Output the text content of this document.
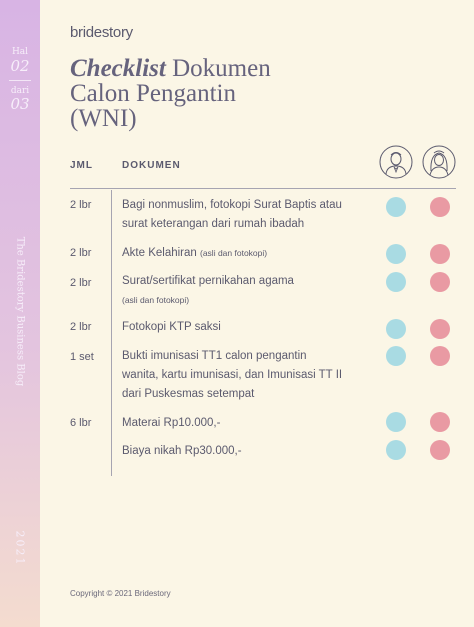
Hal
02
dari
03
The Bridestory Business Blog
2021
bridestory
Checklist Dokumen
Calon Pengantin
(WNI)
JML	DOKUMEN
2 lbr	Bagi nonmuslim, fotokopi Surat Baptis atau
surat keterangan dari rumah ibadah
2 lbr	Akte Kelahiran (asli dan fotokopi)
2 lbr	Surat/sertifikat pernikahan agama
(asli dan fotokopi)
2 lbr	Fotokopi KTP saksi
1 set Bukti imunisasi TT1 calon pengantin
wanita, kartu imunisasi, dan Imunisasi TT II
dari Puskesmas setempat
6 lbr	Materai Rp10.000,-
Biaya nikah Rp30.000,-
Copyright © 2021 Bridestory
